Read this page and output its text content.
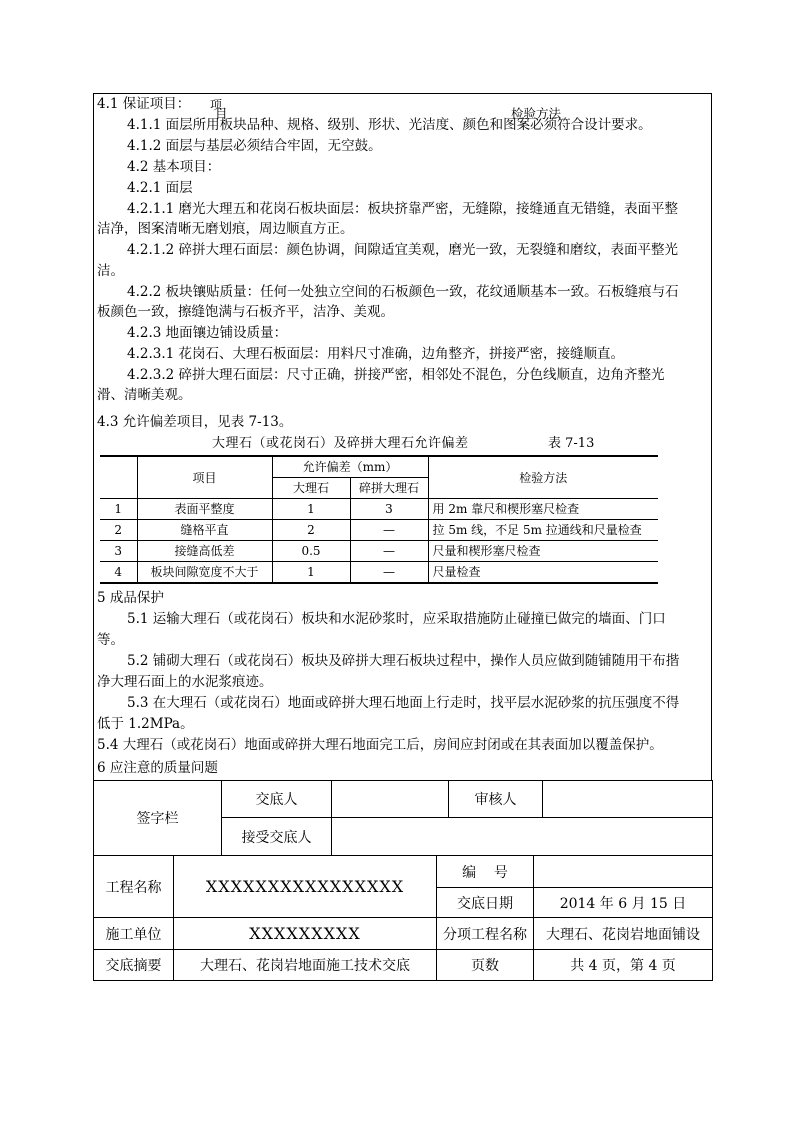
项
目	检验方法
4.1 保证项目：
4.1.1 面层所用板块品种、规格、级别、形状、光洁度、颜色和图案必须符合设计要求。
4.1.2 面层与基层必须结合牢固，无空鼓。
4.2 基本项目：
4.2.1 面层
4.2.1.1 磨光大理五和花岗石板块面层：板块挤靠严密，无缝隙，接缝通直无错缝，表面平整
洁净，图案清晰无磨划痕，周边顺直方正。
4.2.1.2 碎拼大理石面层：颜色协调，间隙适宜美观，磨光一致，无裂缝和磨纹，表面平整光
洁。
4.2.2 板块镶贴质量：任何一处独立空间的石板颜色一致，花纹通顺基本一致。石板缝痕与石
板颜色一致，擦缝饱满与石板齐平，洁净、美观。
4.2.3 地面镶边铺设质量：
4.2.3.1 花岗石、大理石板面层：用料尺寸准确，边角整齐，拼接严密，接缝顺直。
4.2.3.2 碎拼大理石面层：尺寸正确，拼接严密，相邻处不混色，分色线顺直，边角齐整光
滑、清晰美观。
4.3 允许偏差项目，见表 7-13。
大理石（或花岗石）及碎拼大理石允许偏差	表 7-13
	项目	允许偏差（mm）		检验方法
		大理石	碎拼大理石	
1	表面平整度	1	3	用 2m 靠尺和楔形塞尺检查
2	缝格平直	2	—	拉 5m 线，不足 5m 拉通线和尺量检查
3	接缝高低差	0.5	—	尺量和楔形塞尺检查
4	板块间隙宽度不大于	1	—	尺量检查
5 成品保护
5.1 运输大理石（或花岗石）板块和水泥砂浆时，应采取措施防止碰撞已做完的墙面、门口
等。
5.2 铺砌大理石（或花岗石）板块及碎拼大理石板块过程中，操作人员应做到随铺随用干布揩
净大理石面上的水泥浆痕迹。
5.3 在大理石（或花岗石）地面或碎拼大理石地面上行走时，找平层水泥砂浆的抗压强度不得
低于 1.2MPa。
5.4 大理石（或花岗石）地面或碎拼大理石地面完工后，房间应封闭或在其表面加以覆盖保护。
6 应注意的质量问题
签字栏	交底人		审核人	
	接受交底人			
工程名称	XXXXXXXXXXXXXXXX	编    号	
		交底日期	2014 年 6 月 15 日
施工单位	XXXXXXXXX	分项工程名称	大理石、花岗岩地面铺设
交底摘要	大理石、花岗岩地面施工技术交底	页数	共 4 页，第 4 页
